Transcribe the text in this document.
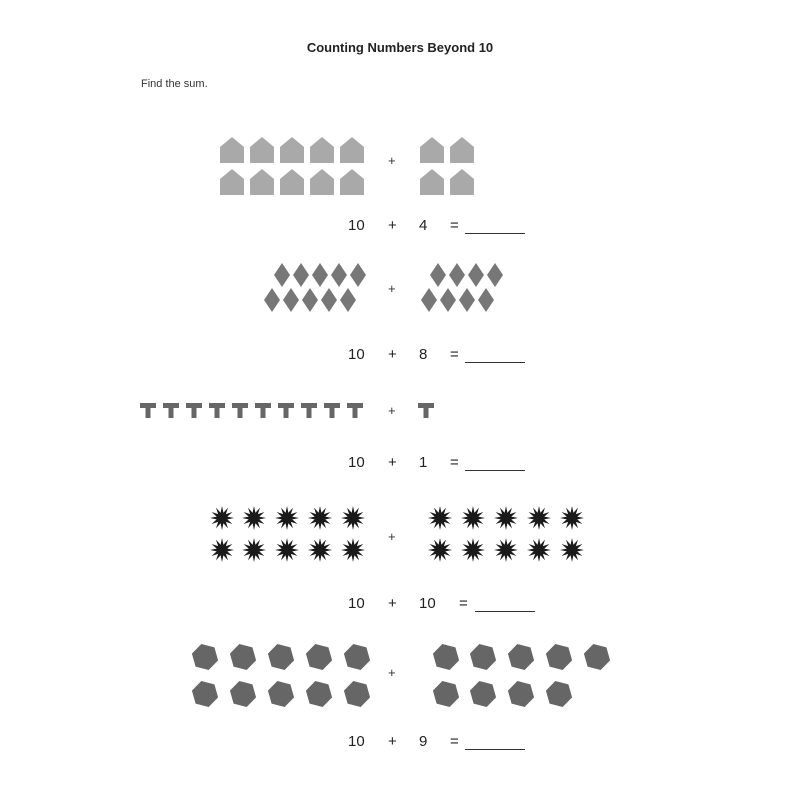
Counting Numbers Beyond 10
Find the sum.
+
10 + 4 =
+
10 + 8 =
+
10 + 1 =
+
10 + 10 =
+
10 + 9 =
